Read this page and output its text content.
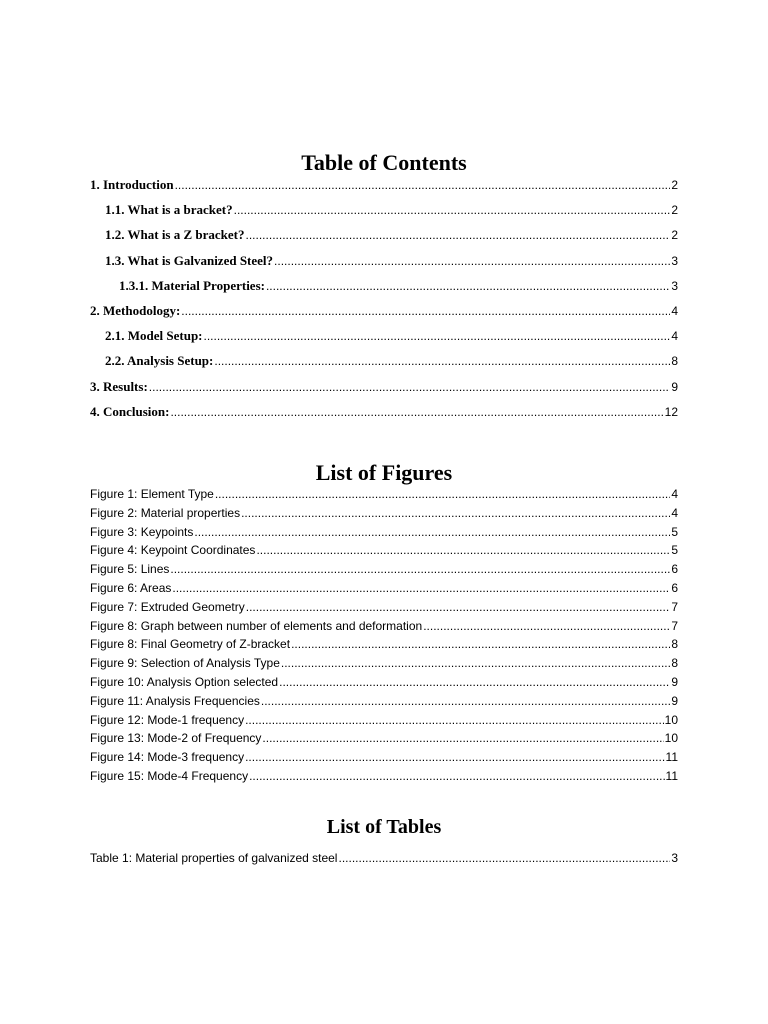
Table of Contents
1. Introduction .....	2
1.1. What is a bracket? .....	2
1.2. What is a Z bracket? .....	2
1.3. What is Galvanized Steel? .....	3
1.3.1. Material Properties: .....	3
2. Methodology: .....	4
2.1. Model Setup: .....	4
2.2. Analysis Setup: .....	8
3. Results: .....	9
4. Conclusion: .....	12
List of Figures
Figure 1: Element Type .....	4
Figure 2: Material properties .....	4
Figure 3: Keypoints .....	5
Figure 4: Keypoint Coordinates .....	5
Figure 5: Lines .....	6
Figure 6: Areas .....	6
Figure 7: Extruded Geometry .....	7
Figure 8: Graph between number of elements and deformation .....	7
Figure 8: Final Geometry of Z-bracket .....	8
Figure 9: Selection of Analysis Type .....	8
Figure 10: Analysis Option selected .....	9
Figure 11: Analysis Frequencies .....	9
Figure 12: Mode-1 frequency .....	10
Figure 13: Mode-2 of Frequency .....	10
Figure 14: Mode-3 frequency .....	11
Figure 15: Mode-4 Frequency .....	11
List of Tables
Table 1: Material properties of galvanized steel .....	3
